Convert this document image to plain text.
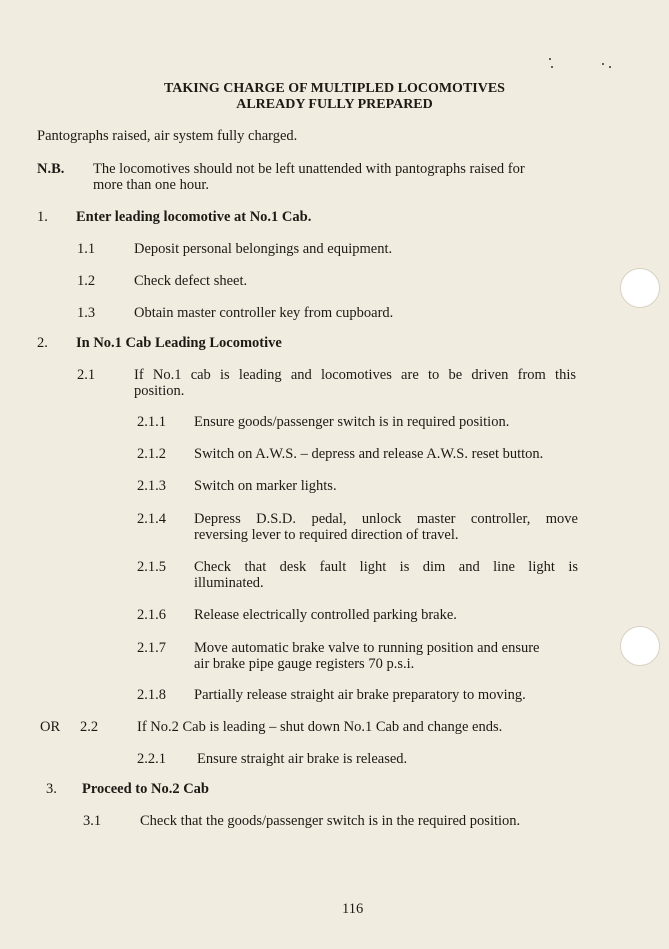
TAKING CHARGE OF MULTIPLED LOCOMOTIVES
ALREADY FULLY PREPARED
Pantographs raised, air system fully charged.
N.B. The locomotives should not be left unattended with pantographs raised for
more than one hour.
1. Enter leading locomotive at No.1 Cab.
1.1	Deposit personal belongings and equipment.
1.2	Check defect sheet.
1.3	Obtain master controller key from cupboard.
2. In No.1 Cab Leading Locomotive
2.1	If No.1 cab is leading and locomotives are to be driven from this
position.
2.1.1 Ensure goods/passenger switch is in required position.
2.1.2 Switch on A.W.S. – depress and release A.W.S. reset button.
2.1.3 Switch on marker lights.
2.1.4 Depress D.S.D. pedal, unlock master controller, move
reversing lever to required direction of travel.
2.1.5 Check that desk fault light is dim and line light is
illuminated.
2.1.6 Release electrically controlled parking brake.
2.1.7 Move automatic brake valve to running position and ensure
air brake pipe gauge registers 70 p.s.i.
2.1.8 Partially release straight air brake preparatory to moving.
OR 2.2	If No.2 Cab is leading – shut down No.1 Cab and change ends.
2.2.1 Ensure straight air brake is released.
3. Proceed to No.2 Cab
3.1	Check that the goods/passenger switch is in the required position.
116
